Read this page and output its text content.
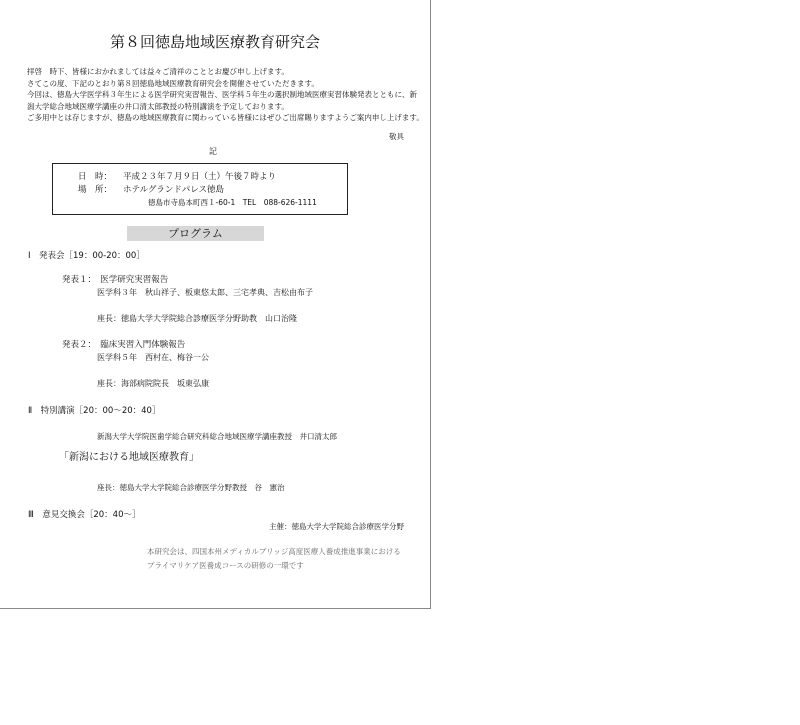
第８回徳島地域医療教育研究会
拝啓　時下、皆様におかれましては益々ご清祥のこととお慶び申し上げます。
さてこの度、下記のとおり第８回徳島地域医療教育研究会を開催させていただきます。
今回は、徳島大学医学科３年生による医学研究実習報告、医学科５年生の選択制地域医療実習体験発表とともに、新
潟大学総合地域医療学講座の井口清太郎教授の特別講演を予定しております。
ご多用中とは存じますが、徳島の地域医療教育に関わっている皆様にはぜひご出席賜りますようご案内申し上げます。
敬具
記
日　時： 平成２３年７月９日（土）午後７時より
場　所： ホテルグランドパレス徳島
徳島市寺島本町西１-60-1　TEL　088-626-1111
プログラム
Ⅰ　発表会［19：00-20：00］
発表１：　医学研究実習報告
医学科３年　秋山祥子、板東悠太郎、三宅孝典、吉松由布子
座長：徳島大学大学院総合診療医学分野助教　山口治隆
発表２：　臨床実習入門体験報告
医学科５年　西村在、梅谷一公
座長：海部病院院長　坂東弘康
Ⅱ　特別講演［20：00～20：40］
新潟大学大学院医歯学総合研究科総合地域医療学講座教授　井口清太郎
「新潟における地域医療教育」
座長：徳島大学大学院総合診療医学分野教授　谷　憲治
Ⅲ　意見交換会［20：40～］
主催：徳島大学大学院総合診療医学分野
本研究会は、四国本州メディカルブリッジ高度医療人養成推進事業における
プライマリケア医養成コースの研修の一環です
